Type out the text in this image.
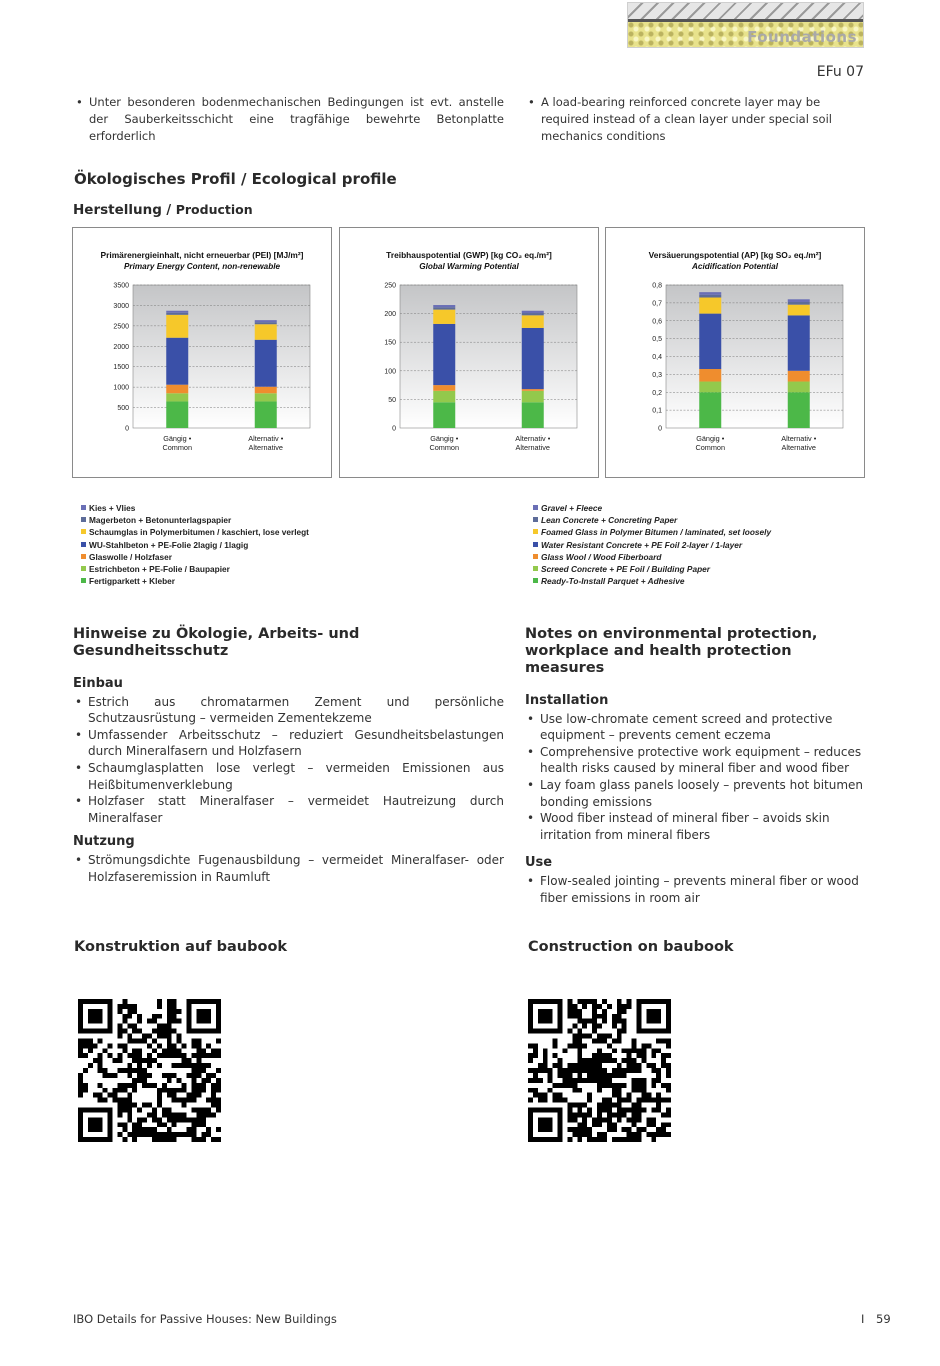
Foundations
EFu 07
• Unter besonderen bodenmechanischen Bedingungen ist evt. anstelle der Sauberkeitsschicht eine tragfähige bewehrte Betonplatte erforderlich
• A load-bearing reinforced concrete layer may be required instead of a clean layer under special soil mechanics conditions
Ökologisches Profil / Ecological profile
Herstellung / Production
Primärenergieinhalt, nicht erneuerbar (PEI) [MJ/m²]
Primary Energy Content, non-renewable
0
500
1000
1500
2000
2500
3000
3500
Gängig •
Common
Alternativ •
Alternative
Treibhauspotential (GWP) [kg CO₂ eq./m²]
Global Warming Potential
0
50
100
150
200
250
Gängig •
Common
Alternativ •
Alternative
Versäuerungspotential (AP) [kg SO₂ eq./m²]
Acidification Potential
0
0,1
0,2
0,3
0,4
0,5
0,6
0,7
0,8
Gängig •
Common
Alternativ •
Alternative
Kies + Vlies
Magerbeton + Betonunterlagspapier
Schaumglas in Polymerbitumen / kaschiert, lose verlegt
WU-Stahlbeton + PE-Folie 2lagig / 1lagig
Glaswolle / Holzfaser
Estrichbeton + PE-Folie / Baupapier
Fertigparkett + Kleber
Gravel + Fleece
Lean Concrete + Concreting Paper
Foamed Glass in Polymer Bitumen / laminated, set loosely
Water Resistant Concrete + PE Foil 2-layer / 1-layer
Glass Wool / Wood Fiberboard
Screed Concrete + PE Foil / Building Paper
Ready-To-Install Parquet + Adhesive
Hinweise zu Ökologie, Arbeits- und Gesundheitsschutz
Einbau
• Estrich aus chromatarmen Zement und persönliche Schutzausrüstung – vermeiden Zementekzeme
• Umfassender Arbeitsschutz – reduziert Gesundheitsbelastungen durch Mineralfasern und Holzfasern
• Schaumglasplatten lose verlegt – vermeiden Emissionen aus Heißbitumenverklebung
• Holzfaser statt Mineralfaser – vermeidet Hautreizung durch Mineralfaser
Nutzung
• Strömungsdichte Fugenausbildung – vermeidet Mineralfaser- oder Holzfaseremission in Raumluft
Notes on environmental protection, workplace and health protection measures
Installation
• Use low-chromate cement screed and protective equipment – prevents cement eczema
• Comprehensive protective work equipment – reduces health risks caused by mineral fiber and wood fiber
• Lay foam glass panels loosely – prevents hot bitumen bonding emissions
• Wood fiber instead of mineral fiber – avoids skin irritation from mineral fibers
Use
• Flow-sealed jointing – prevents mineral fiber or wood fiber emissions in room air
Konstruktion auf baubook	Construction on baubook
IBO Details for Passive Houses: New Buildings	I 59
